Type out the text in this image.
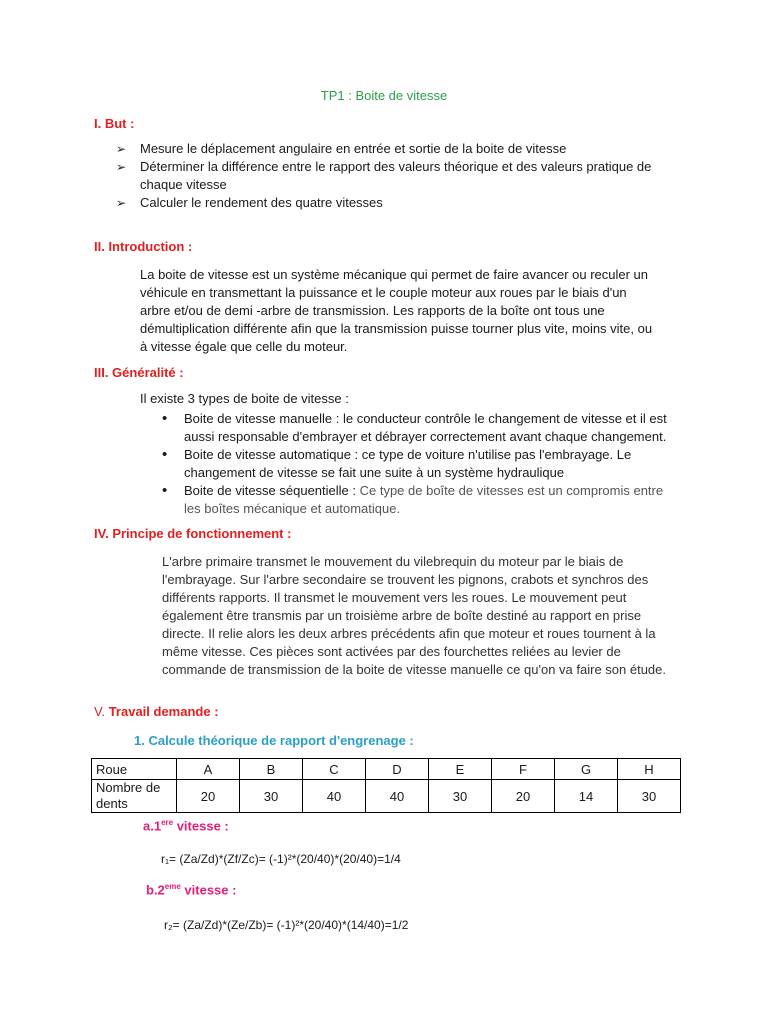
TP1 : Boite de vitesse
I. But :
➢ Mesure le déplacement angulaire en entrée et sortie de la boite de vitesse
➢ Déterminer la différence entre le rapport des valeurs théorique et des valeurs pratique de chaque vitesse
➢ Calculer le rendement des quatre vitesses
II. Introduction :
La boite de vitesse est un système mécanique qui permet de faire avancer ou reculer un véhicule en transmettant la puissance et le couple moteur aux roues par le biais d'un arbre et/ou de demi -arbre de transmission. Les rapports de la boîte ont tous une démultiplication différente afin que la transmission puisse tourner plus vite, moins vite, ou à vitesse égale que celle du moteur.
III. Généralité :
Il existe 3 types de boite de vitesse :
• Boite de vitesse manuelle : le conducteur contrôle le changement de vitesse et il est aussi responsable d'embrayer et débrayer correctement avant chaque changement.
• Boite de vitesse automatique : ce type de voiture n'utilise pas l'embrayage. Le changement de vitesse se fait une suite à un système hydraulique
• Boite de vitesse séquentielle : Ce type de boîte de vitesses est un compromis entre les boîtes mécanique et automatique.
IV. Principe de fonctionnement :
L'arbre primaire transmet le mouvement du vilebrequin du moteur par le biais de l'embrayage. Sur l'arbre secondaire se trouvent les pignons, crabots et synchros des différents rapports. Il transmet le mouvement vers les roues. Le mouvement peut également être transmis par un troisième arbre de boîte destiné au rapport en prise directe. Il relie alors les deux arbres précédents afin que moteur et roues tournent à la même vitesse. Ces pièces sont activées par des fourchettes reliées au levier de commande de transmission de la boite de vitesse manuelle ce qu'on va faire son étude.
V. Travail demande :
1. Calcule théorique de rapport d'engrenage :
Roue	A	B	C	D	E	F	G	H
Nombre de dents	20	30	40	40	30	20	14	30
a.1ere vitesse :
r₁= (Za/Zd)*(Zf/Zc)= (-1)²*(20/40)*(20/40)=1/4
b.2eme vitesse :
r₂= (Za/Zd)*(Ze/Zb)= (-1)²*(20/40)*(14/40)=1/2
